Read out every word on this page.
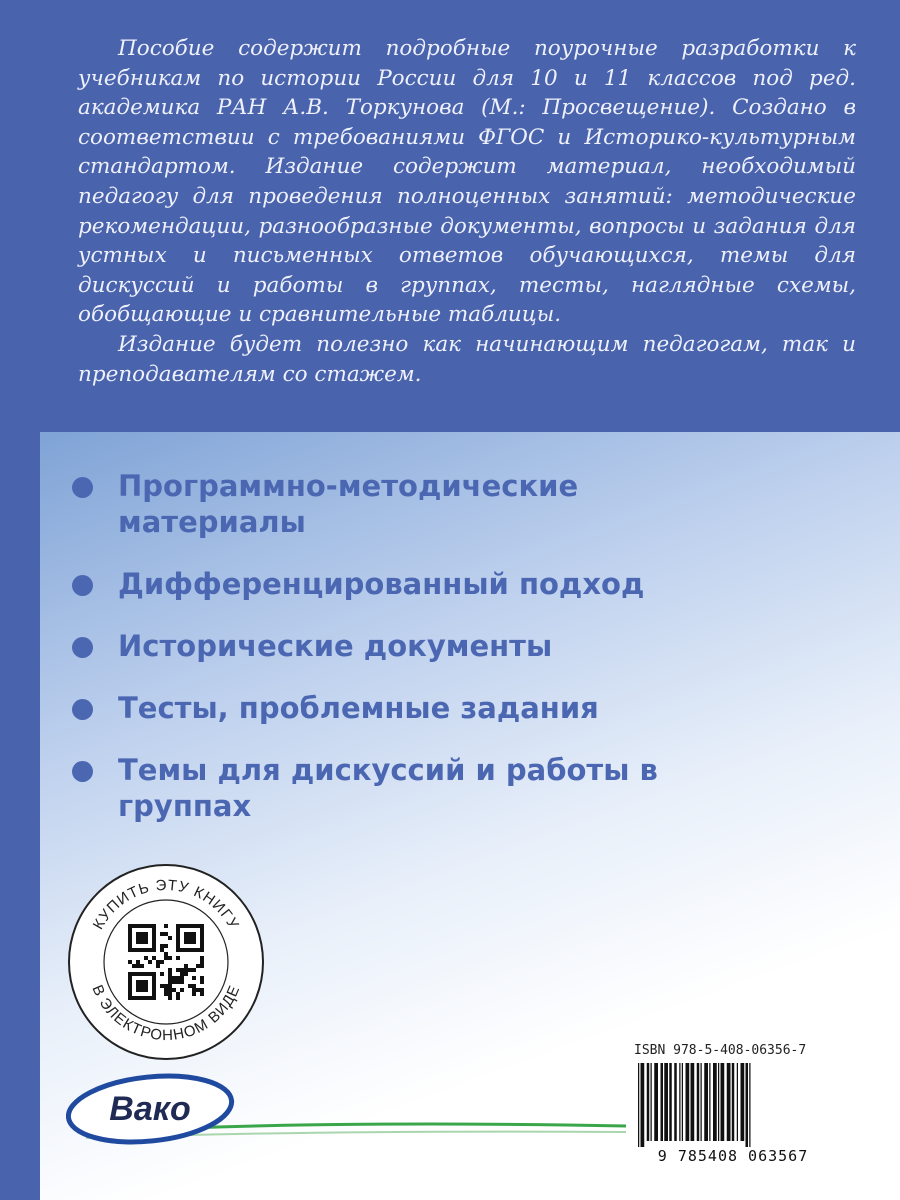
Пособие содержит подробные поурочные разработки к учебникам по истории России для 10 и 11 классов под ред. академика РАН А.В. Торкунова (М.: Просвещение). Создано в соответствии с требованиями ФГОС и Историко-культурным стандартом. Издание содержит материал, необходимый педагогу для проведения полноценных занятий: методические рекомендации, разнообразные документы, вопросы и задания для устных и письменных ответов обучающихся, темы для дискуссий и работы в группах, тесты, наглядные схемы, обобщающие и сравнительные таблицы.

Издание будет полезно как начинающим педагогам, так и преподавателям со стажем.

Программно-методические материалы
Дифференцированный подход
Исторические документы
Тесты, проблемные задания
Темы для дискуссий и работы в группах
КУПИТЬ ЭТУ КНИГУ
В ЭЛЕКТРОННОМ ВИДЕ
Вако
ISBN 978-5-408-06356-7
9 785408 063567
